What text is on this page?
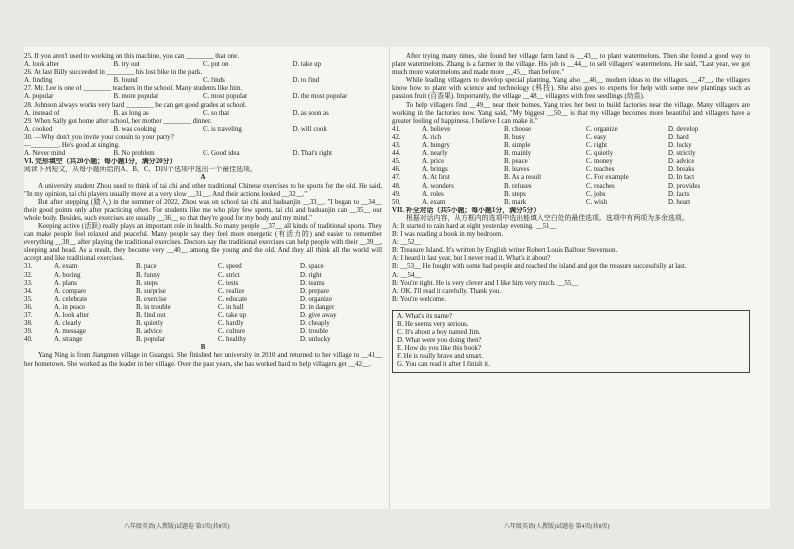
25. If you aren't used to working on this machine, you can ________ that one.
A. look after	B. try out	C. put on	D. take up
26. At last Billy succeeded in ________ his lost bike in the park.
A. finding	B. found	C. finds	D. to find
27. Mr. Lee is one of ________ teachers in the school. Many students like him.
A. popular	B. more popular	C. most popular	D. the most popular
28. Johnson always works very hard ________ he can get good grades at school.
A. instead of	B. as long as	C. so that	D. as soon as
29. When Sally got home after school, her mother ________ dinner.
A. cooked	B. was cooking	C. is traveling	D. will cook
30. —Why don't you invite your cousin to your party?
—________. He's good at singing.
A. Never mind	B. No problem	C. Good idea	D. That's right
VI. 完形填空（共20小题；每小题1分，满分20分）
阅读下列短文，从每小题所给的A、B、C、D四个选项中选出一个最佳选项。
A

A university student Zhou used to think of tai chi and other traditional Chinese exercises to be sports for the old. He said, "In my opinion, tai chi players usually move at a very slow __31__. And their actions looked __32__."

But after stepping (踏入) in the summer of 2022, Zhou was on school tai chi and baduanjin __33__. "I began to __34__ their good points only after practicing often. For students like me who play few sports, tai chi and baduanjin can __35__ our whole body. Besides, such exercises are usually __36__ so that they're good for my body and my mind."

Keeping active (活跃) really plays an important role in health. So many people __37__ all kinds of traditional sports. They can make people feel relaxed and peaceful. Many people say they feel more energetic (有活力的) and easier to remember everything __38__ after playing the traditional exercises. Doctors say the traditional exercises can help people with their __39__, sleeping and head. As a result, they become very __40__ among the young and the old. And they all think all the world will accept and like traditional exercises.

31.	A. exam	B. pace	C. speed	D. space
32.	A. boring	B. funny	C. strict	D. right
33.	A. plans	B. steps	C. tests	D. teams
34.	A. compare	B. surprise	C. realize	D. prepare
35.	A. celebrate	B. exercise	C. educate	D. organize
36.	A. in peace	B. in trouble	C. in half	D. in danger
37.	A. look after	B. find out	C. take up	D. give away
38.	A. clearly	B. quietly	C. hardly	D. cheaply
39.	A. message	B. advice	C. culture	D. trouble
40.	A. strange	B. popular	C. healthy	D. unlucky
B

Yang Ning is from Jiangmen village in Guangxi. She finished her university in 2010 and returned to her village to __41__ her hometown. She worked as the leader in her village. Over the past years, she has worked hard to help villagers get __42__.

After trying many times, she found her village farm land is __43__ to plant watermelons. Then she found a good way to plant watermelons. Zhang is a farmer in the village. His job is __44__ to sell villagers' watermelons. He said, "Last year, we got much more watermelons and made more __45__ than before."

While leading villagers to develop special planting, Yang also __46__ modern ideas to the villagers. __47__, the villagers know how to plant with science and technology (科技). She also goes to experts for help with some new plantings such as passion fruit (百香果). Importantly, the village __48__ villagers with free seedlings (幼苗).

To help villagers find __49__ near their homes, Yang tries her best to build factories near the village. Many villagers are working in the factories now. Yang said, "My biggest __50__ is that my village becomes more beautiful and villagers have a greater feeling of happiness. I believe I can make it."

41.	A. believe	B. choose	C. organize	D. develop
42.	A. rich	B. busy	C. easy	D. hard
43.	A. hungry	B. simple	C. right	D. lucky
44.	A. nearly	B. mainly	C. quietly	D. strictly
45.	A. price	B. peace	C. money	D. advice
46.	A. brings	B. leaves	C. teaches	D. breaks
47.	A. At first	B. As a result	C. For example	D. In fact
48.	A. wonders	B. refuses	C. reaches	D. provides
49.	A. roles	B. steps	C. jobs	D. facts
50.	A. exam	B. mark	C. wish	D. heart
VII. 补全对话（共5小题；每小题1分，满分5分）

根据对话内容，从方框内的选项中选出能填入空白处的最佳选项。选项中有两项为多余选项。

A: It started to rain hard at eight yesterday evening. __51__
B: I was reading a book in my bedroom.
A: __52__
B: Treasure Island. It's written by English writer Robert Louis Balfour Stevenson.
A: I heard it last year, but I never read it. What's it about?
B: __53__ He fought with some bad people and reached the island and got the treasure successfully at last.
A: __54__
B: You're right. He is very clever and I like him very much. __55__
A: OK. I'll read it carefully. Thank you.
B: You're welcome.
A. What's its name?
B. He seems very serious.
C. It's about a boy named Jim.
D. What were you doing then?
E. How do you like this book?
F. He is really brave and smart.
G. You can read it after I finish it.
八年级英语(人教版)试题卷 第3页(共8页)	八年级英语(人教版)试题卷 第4页(共8页)
